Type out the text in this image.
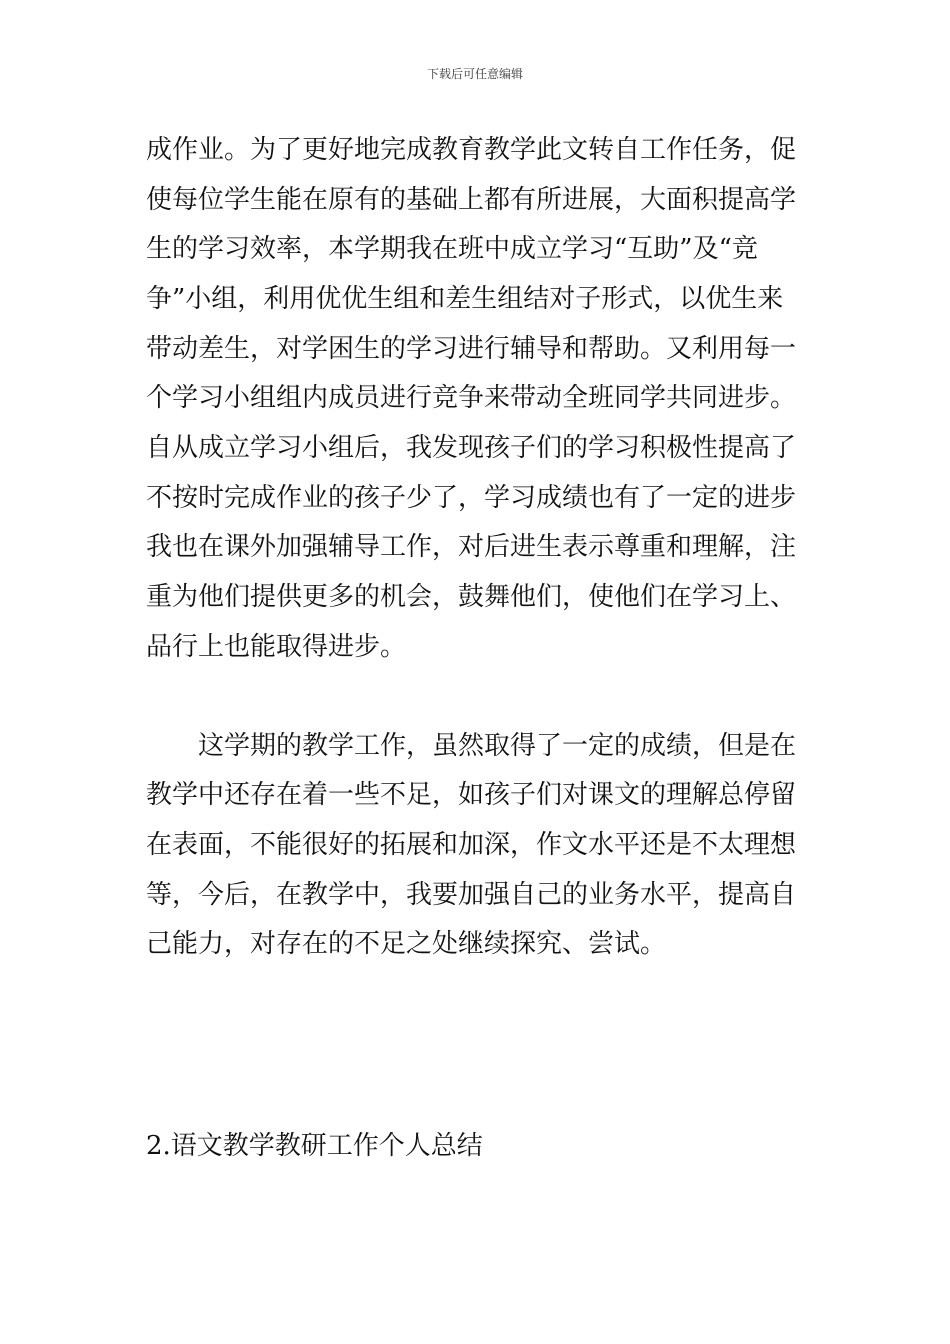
下载后可任意编辑
成作业。为了更好地完成教育教学此文转自工作任务，促
使每位学生能在原有的基础上都有所进展，大面积提高学
生的学习效率，本学期我在班中成立学习“互助”及“竞
争”小组，利用优优生组和差生组结对子形式，以优生来
带动差生，对学困生的学习进行辅导和帮助。又利用每一
个学习小组组内成员进行竞争来带动全班同学共同进步。
自从成立学习小组后，我发现孩子们的学习积极性提高了
不按时完成作业的孩子少了，学习成绩也有了一定的进步
我也在课外加强辅导工作，对后进生表示尊重和理解，注
重为他们提供更多的机会，鼓舞他们，使他们在学习上、
品行上也能取得进步。
这学期的教学工作，虽然取得了一定的成绩，但是在
教学中还存在着一些不足，如孩子们对课文的理解总停留
在表面，不能很好的拓展和加深，作文水平还是不太理想
等，今后，在教学中，我要加强自己的业务水平，提高自
己能力，对存在的不足之处继续探究、尝试。
2.语文教学教研工作个人总结
